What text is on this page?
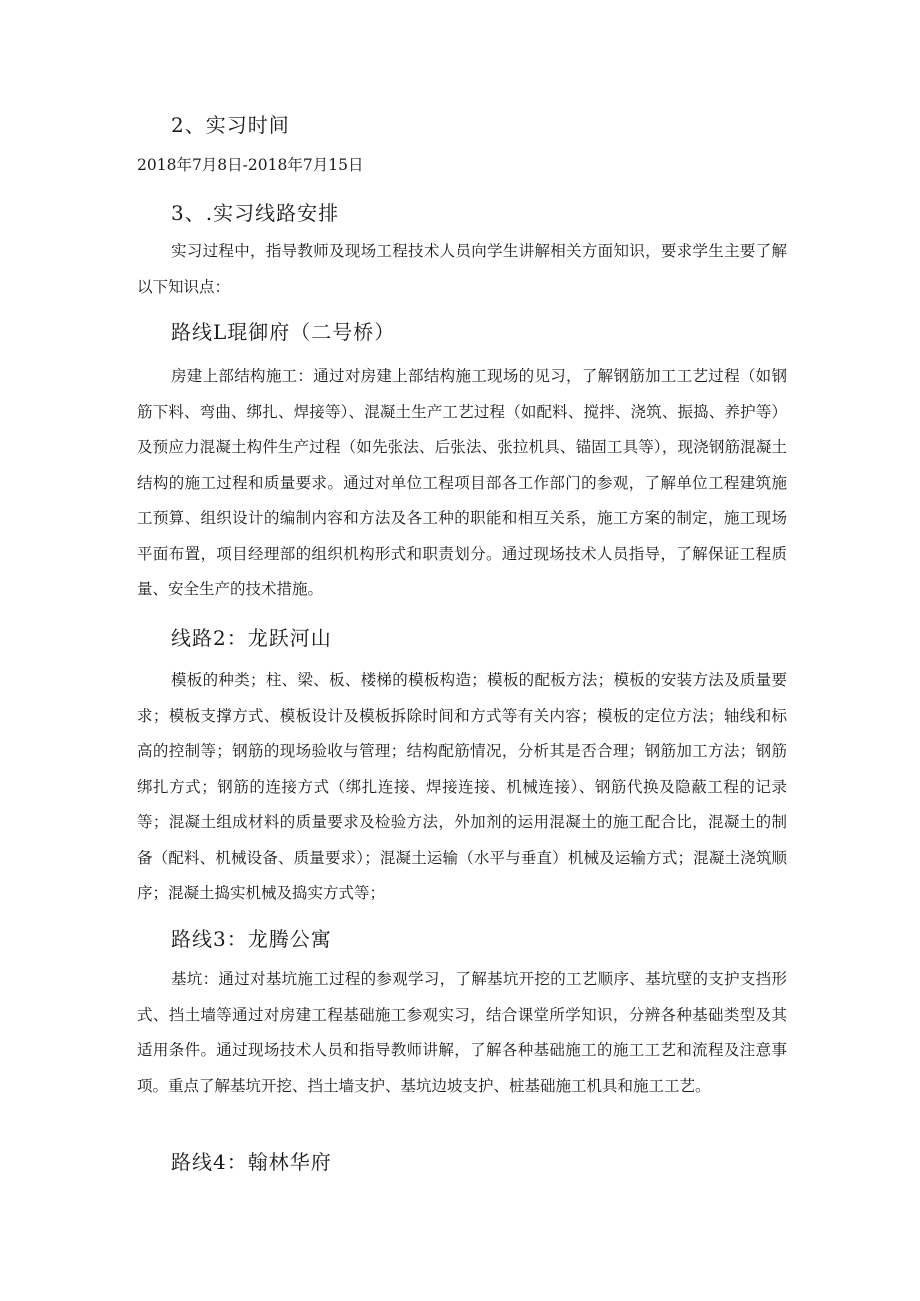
2、实习时间
2018年7月8日-2018年7月15日
3、.实习线路安排

实习过程中，指导教师及现场工程技术人员向学生讲解相关方面知识，要求学生主要了解以下知识点：

路线L琨御府（二号桥）

房建上部结构施工：通过对房建上部结构施工现场的见习，了解钢筋加工工艺过程（如钢筋下料、弯曲、绑扎、焊接等）、混凝土生产工艺过程（如配料、搅拌、浇筑、振捣、养护等）及预应力混凝土构件生产过程（如先张法、后张法、张拉机具、锚固工具等），现浇钢筋混凝土结构的施工过程和质量要求。通过对单位工程项目部各工作部门的参观，了解单位工程建筑施工预算、组织设计的编制内容和方法及各工种的职能和相互关系，施工方案的制定，施工现场平面布置，项目经理部的组织机构形式和职责划分。通过现场技术人员指导，了解保证工程质量、安全生产的技术措施。

线路2：龙跃河山

模板的种类；柱、梁、板、楼梯的模板构造；模板的配板方法；模板的安装方法及质量要求；模板支撑方式、模板设计及模板拆除时间和方式等有关内容；模板的定位方法；轴线和标高的控制等；钢筋的现场验收与管理；结构配筋情况，分析其是否合理；钢筋加工方法；钢筋绑扎方式；钢筋的连接方式（绑扎连接、焊接连接、机械连接）、钢筋代换及隐蔽工程的记录等；混凝土组成材料的质量要求及检验方法，外加剂的运用混凝土的施工配合比，混凝土的制备（配料、机械设备、质量要求）；混凝土运输（水平与垂直）机械及运输方式；混凝土浇筑顺序；混凝土捣实机械及捣实方式等；

路线3：龙腾公寓

基坑：通过对基坑施工过程的参观学习，了解基坑开挖的工艺顺序、基坑壁的支护支挡形式、挡土墙等通过对房建工程基础施工参观实习，结合课堂所学知识，分辨各种基础类型及其适用条件。通过现场技术人员和指导教师讲解，了解各种基础施工的施工工艺和流程及注意事项。重点了解基坑开挖、挡土墙支护、基坑边坡支护、桩基础施工机具和施工工艺。

路线4：翰林华府
